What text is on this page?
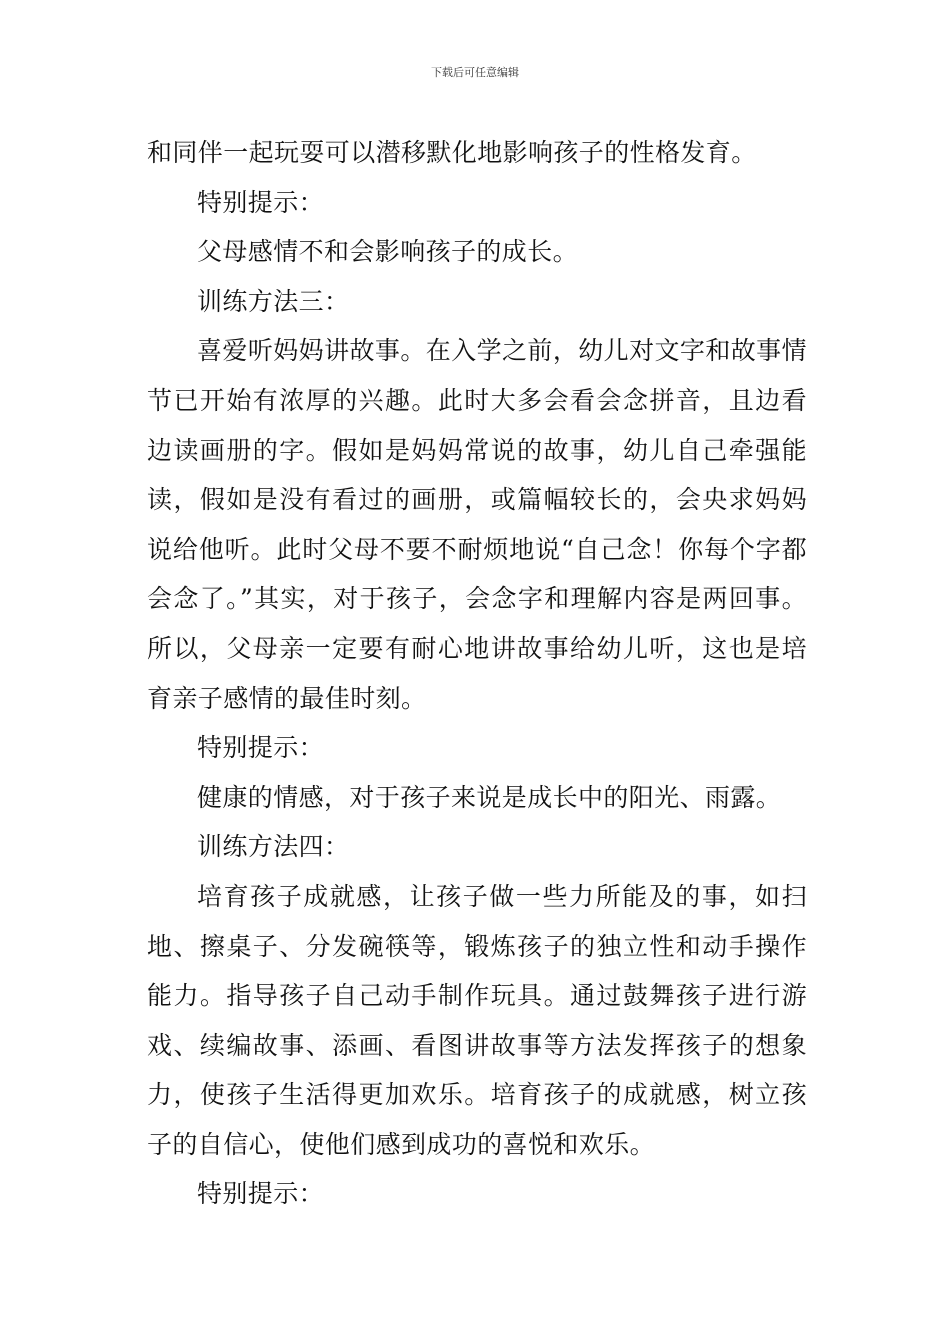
下载后可任意编辑

和同伴一起玩耍可以潜移默化地影响孩子的性格发育。

特别提示：

父母感情不和会影响孩子的成长。

训练方法三：

喜爱听妈妈讲故事。在入学之前，幼儿对文字和故事情节已开始有浓厚的兴趣。此时大多会看会念拼音，且边看边读画册的字。假如是妈妈常说的故事，幼儿自己牵强能读，假如是没有看过的画册，或篇幅较长的，会央求妈妈说给他听。此时父母不要不耐烦地说“自己念！你每个字都会念了。”其实，对于孩子，会念字和理解内容是两回事。所以，父母亲一定要有耐心地讲故事给幼儿听，这也是培育亲子感情的最佳时刻。

特别提示：

健康的情感，对于孩子来说是成长中的阳光、雨露。

训练方法四：

培育孩子成就感，让孩子做一些力所能及的事，如扫地、擦桌子、分发碗筷等，锻炼孩子的独立性和动手操作能力。指导孩子自己动手制作玩具。通过鼓舞孩子进行游戏、续编故事、添画、看图讲故事等方法发挥孩子的想象力，使孩子生活得更加欢乐。培育孩子的成就感，树立孩子的自信心，使他们感到成功的喜悦和欢乐。

特别提示：
